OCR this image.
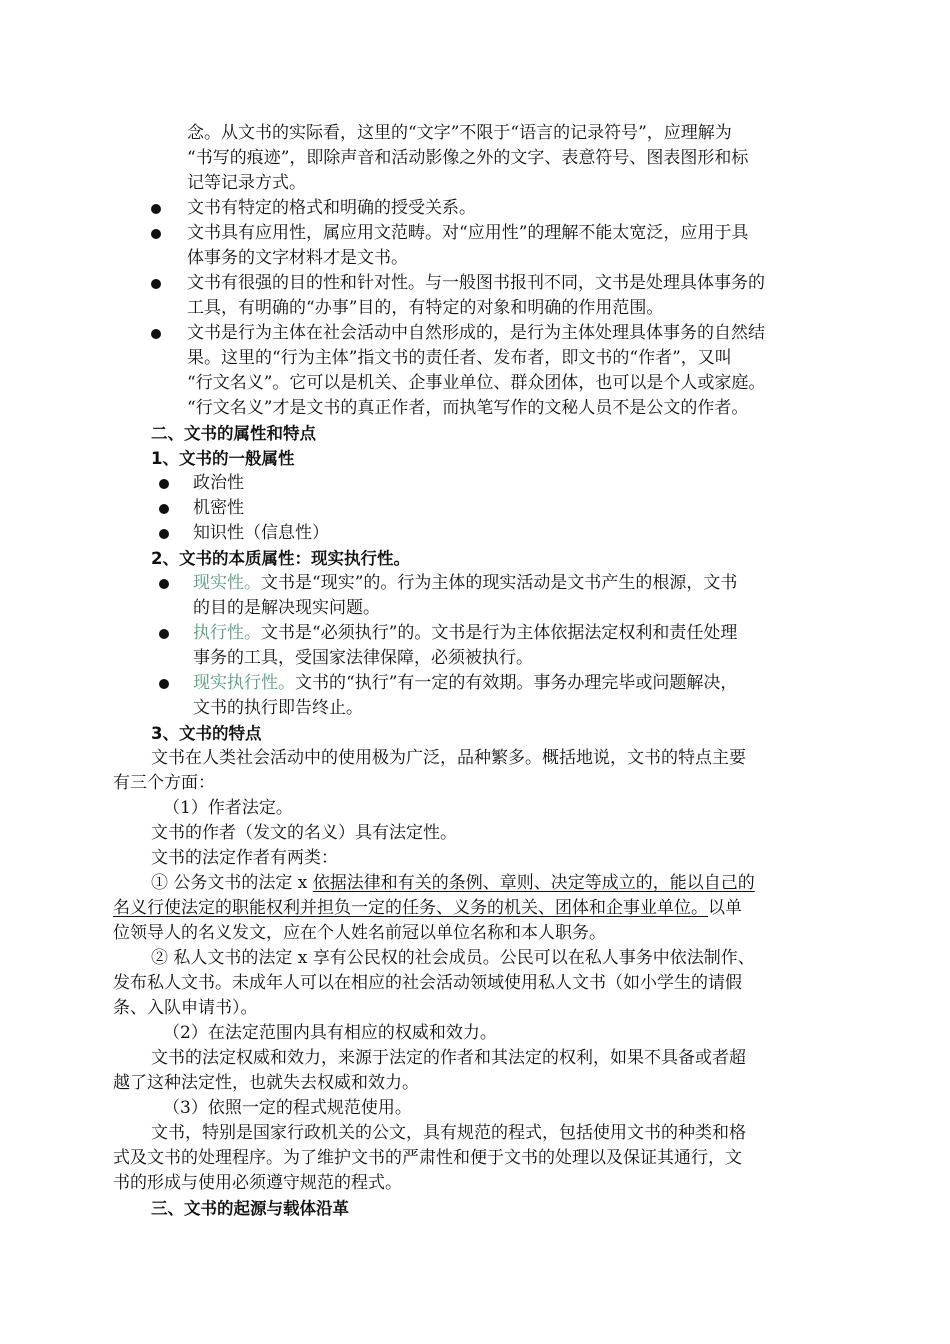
念。从文书的实际看，这里的“文字”不限于“语言的记录符号”，应理解为
“书写的痕迹”，即除声音和活动影像之外的文字、表意符号、图表图形和标
记等记录方式。
文书有特定的格式和明确的授受关系。
文书具有应用性，属应用文范畴。对“应用性”的理解不能太宽泛，应用于具
体事务的文字材料才是文书。
文书有很强的目的性和针对性。与一般图书报刊不同，文书是处理具体事务的
工具，有明确的“办事”目的，有特定的对象和明确的作用范围。
文书是行为主体在社会活动中自然形成的，是行为主体处理具体事务的自然结
果。这里的“行为主体”指文书的责任者、发布者，即文书的“作者”，又叫
“行文名义”。它可以是机关、企事业单位、群众团体，也可以是个人或家庭。
“行文名义”才是文书的真正作者，而执笔写作的文秘人员不是公文的作者。
二、文书的属性和特点
1、文书的一般属性
政治性
机密性
知识性（信息性）
2、文书的本质属性：现实执行性。
现实性。文书是“现实”的。行为主体的现实活动是文书产生的根源，文书
的目的是解决现实问题。
执行性。文书是“必须执行”的。文书是行为主体依据法定权利和责任处理
事务的工具，受国家法律保障，必须被执行。
现实执行性。文书的“执行”有一定的有效期。事务办理完毕或问题解决，
文书的执行即告终止。
3、文书的特点
文书在人类社会活动中的使用极为广泛，品种繁多。概括地说，文书的特点主要
有三个方面：
（1）作者法定。
文书的作者（发文的名义）具有法定性。
文书的法定作者有两类：
① 公务文书的法定 x 依据法律和有关的条例、章则、决定等成立的，能以自己的
名义行使法定的职能权利并担负一定的任务、义务的机关、团体和企事业单位。以单
位领导人的名义发文，应在个人姓名前冠以单位名称和本人职务。
② 私人文书的法定 x 享有公民权的社会成员。公民可以在私人事务中依法制作、
发布私人文书。未成年人可以在相应的社会活动领域使用私人文书（如小学生的请假
条、入队申请书）。
（2）在法定范围内具有相应的权威和效力。
文书的法定权威和效力，来源于法定的作者和其法定的权利，如果不具备或者超
越了这种法定性，也就失去权威和效力。
（3）依照一定的程式规范使用。
文书，特别是国家行政机关的公文，具有规范的程式，包括使用文书的种类和格
式及文书的处理程序。为了维护文书的严肃性和便于文书的处理以及保证其通行，文
书的形成与使用必须遵守规范的程式。
三、文书的起源与载体沿革
